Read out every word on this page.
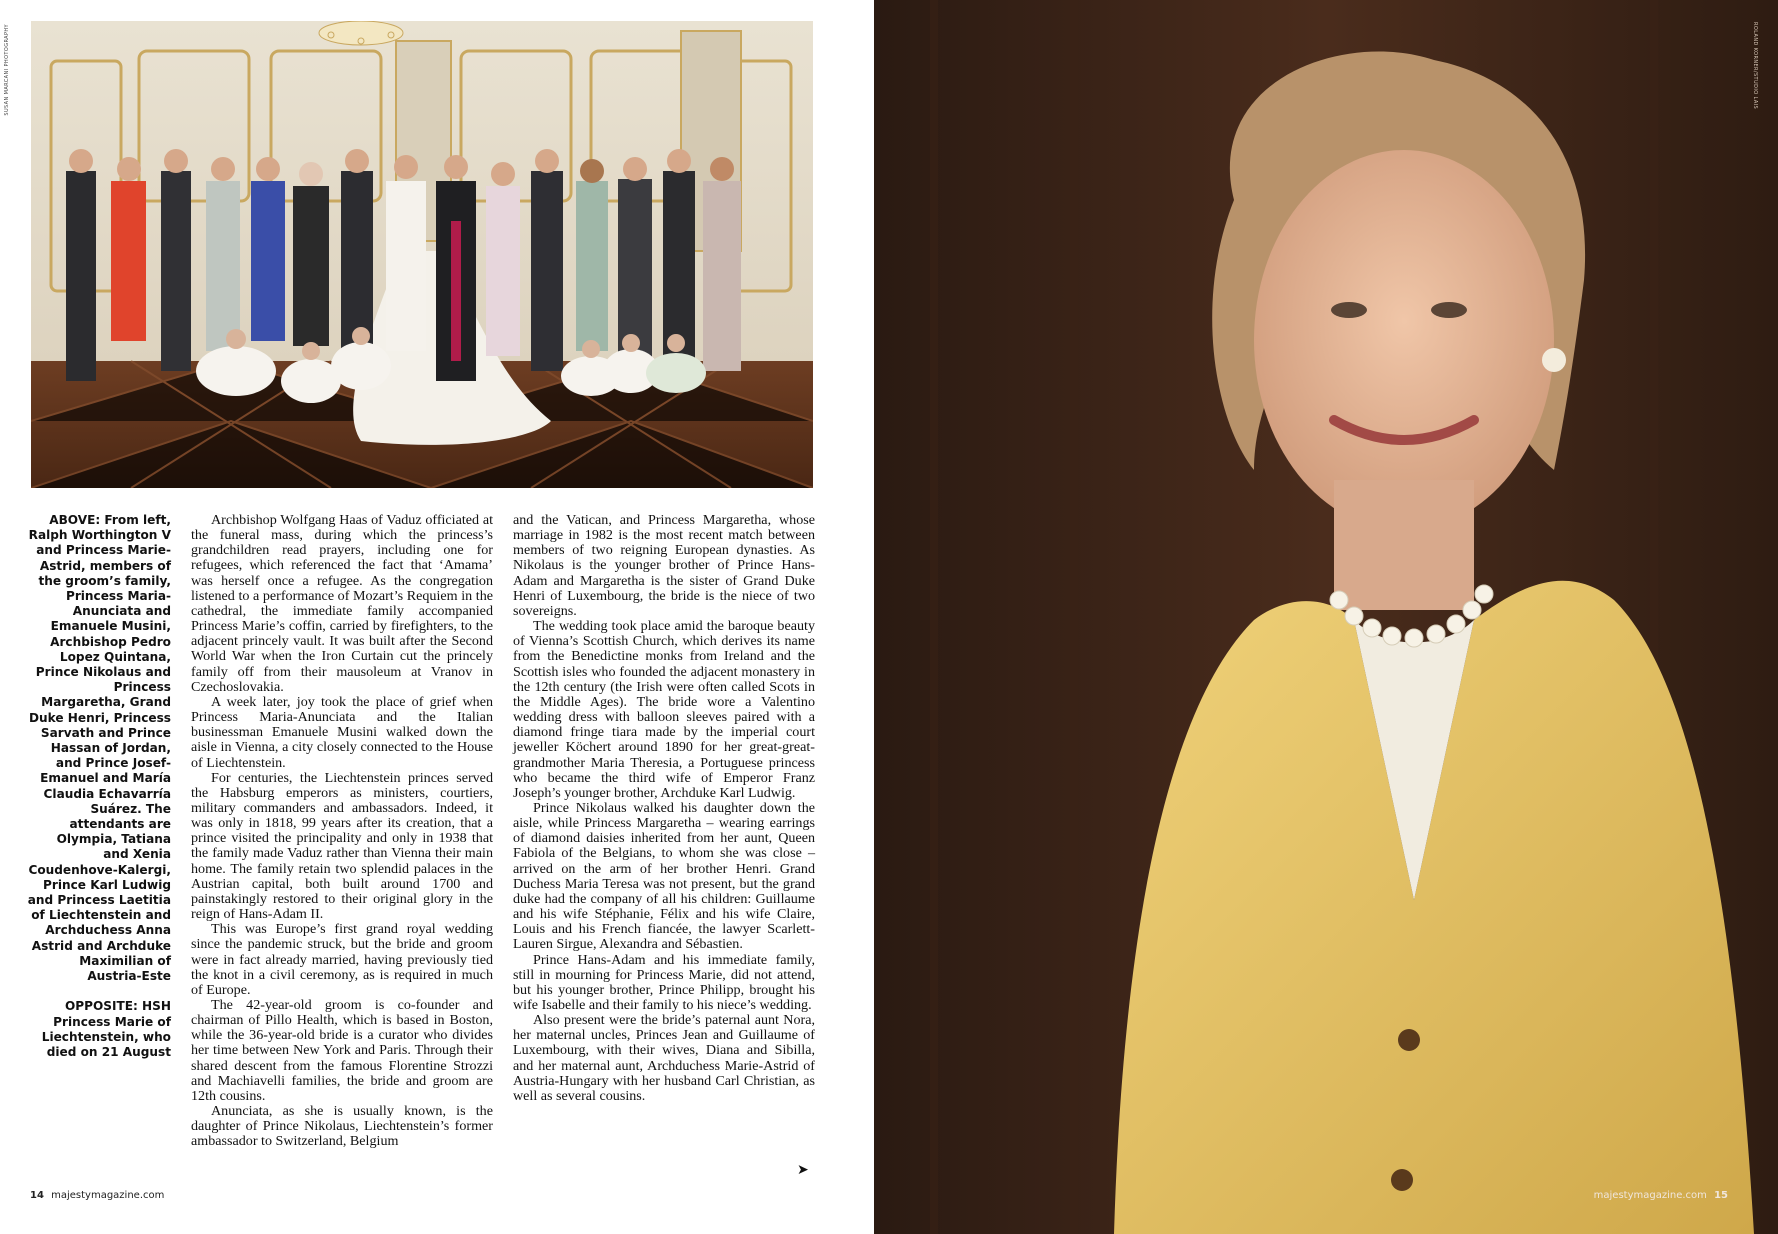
SUSAN MARCANI PHOTOGRAPHY

ABOVE: From left, Ralph Worthington V and Princess Marie-Astrid, members of the groom’s family, Princess Maria-Anunciata and Emanuele Musini, Archbishop Pedro Lopez Quintana, Prince Nikolaus and Princess Margaretha, Grand Duke Henri, Princess Sarvath and Prince Hassan of Jordan, and Prince Josef-Emanuel and María Claudia Echavarría Suárez. The attendants are Olympia, Tatiana and Xenia Coudenhove-Kalergi, Prince Karl Ludwig and Princess Laetitia of Liechtenstein and Archduchess Anna Astrid and Archduke Maximilian of Austria-Este

OPPOSITE: HSH Princess Marie of Liechtenstein, who died on 21 August

Archbishop Wolfgang Haas of Vaduz officiated at the funeral mass, during which the princess’s grandchildren read prayers, including one for refugees, which referenced the fact that ‘Amama’ was herself once a refugee. As the congregation listened to a performance of Mozart’s Requiem in the cathedral, the immediate family accompanied Princess Marie’s coffin, carried by firefighters, to the adjacent princely vault. It was built after the Second World War when the Iron Curtain cut the princely family off from their mausoleum at Vranov in Czechoslovakia.

A week later, joy took the place of grief when Princess Maria-Anunciata and the Italian businessman Emanuele Musini walked down the aisle in Vienna, a city closely connected to the House of Liechtenstein.

For centuries, the Liechtenstein princes served the Habsburg emperors as ministers, courtiers, military commanders and ambassadors. Indeed, it was only in 1818, 99 years after its creation, that a prince visited the principality and only in 1938 that the family made Vaduz rather than Vienna their main home. The family retain two splendid palaces in the Austrian capital, both built around 1700 and painstakingly restored to their original glory in the reign of Hans-Adam II.

This was Europe’s first grand royal wedding since the pandemic struck, but the bride and groom were in fact already married, having previously tied the knot in a civil ceremony, as is required in much of Europe.

The 42-year-old groom is co-founder and chairman of Pillo Health, which is based in Boston, while the 36-year-old bride is a curator who divides her time between New York and Paris. Through their shared descent from the famous Florentine Strozzi and Machiavelli families, the bride and groom are 12th cousins.

Anunciata, as she is usually known, is the daughter of Prince Nikolaus, Liechtenstein’s former ambassador to Switzerland, Belgium

and the Vatican, and Princess Margaretha, whose marriage in 1982 is the most recent match between members of two reigning European dynasties. As Nikolaus is the younger brother of Prince Hans-Adam and Margaretha is the sister of Grand Duke Henri of Luxembourg, the bride is the niece of two sovereigns.

The wedding took place amid the baroque beauty of Vienna’s Scottish Church, which derives its name from the Benedictine monks from Ireland and the Scottish isles who founded the adjacent monastery in the 12th century (the Irish were often called Scots in the Middle Ages). The bride wore a Valentino wedding dress with balloon sleeves paired with a diamond fringe tiara made by the imperial court jeweller Köchert around 1890 for her great-great-grandmother Maria Theresia, a Portuguese princess who became the third wife of Emperor Franz Joseph’s younger brother, Archduke Karl Ludwig.

Prince Nikolaus walked his daughter down the aisle, while Princess Margaretha – wearing earrings of diamond daisies inherited from her aunt, Queen Fabiola of the Belgians, to whom she was close – arrived on the arm of her brother Henri. Grand Duchess Maria Teresa was not present, but the grand duke had the company of all his children: Guillaume and his wife Stéphanie, Félix and his wife Claire, Louis and his French fiancée, the lawyer Scarlett-Lauren Sirgue, Alexandra and Sébastien.

Prince Hans-Adam and his immediate family, still in mourning for Princess Marie, did not attend, but his younger brother, Prince Philipp, brought his wife Isabelle and their family to his niece’s wedding.

Also present were the bride’s paternal aunt Nora, her maternal uncles, Princes Jean and Guillaume of Luxembourg, with their wives, Diana and Sibilla, and her maternal aunt, Archduchess Marie-Astrid of Austria-Hungary with her husband Carl Christian, as well as several cousins.

➤
14 majestymagazine.com
ROLAND KORNER/STUDIO LAIS
majestymagazine.com 15
